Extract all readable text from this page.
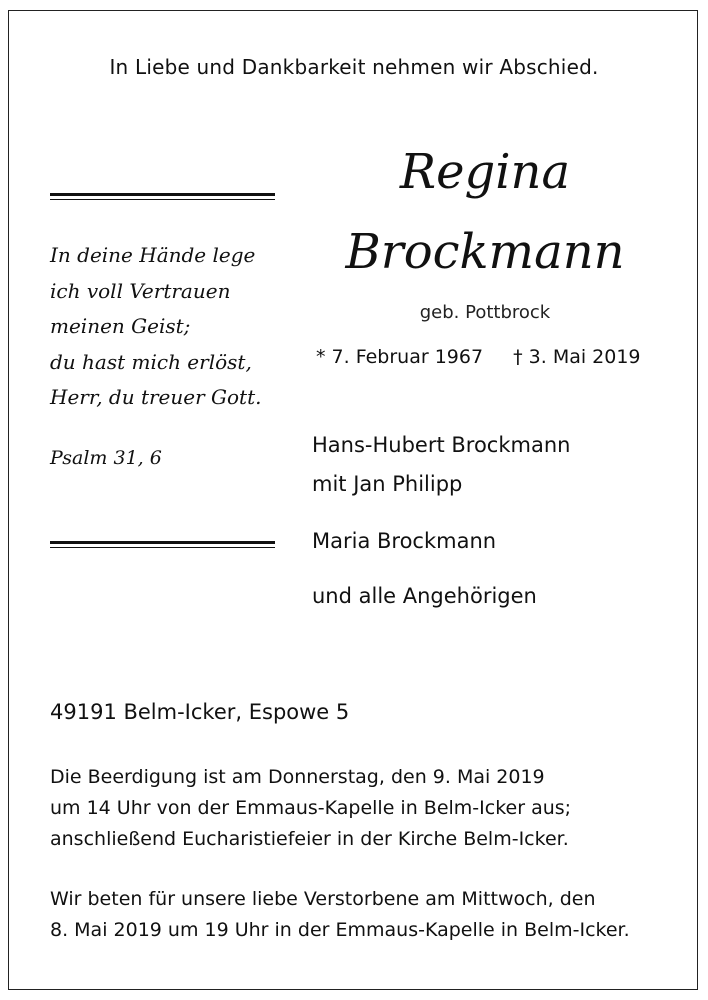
In Liebe und Dankbarkeit nehmen wir Abschied.
In deine Hände lege
ich voll Vertrauen
meinen Geist;
du hast mich erlöst,
Herr, du treuer Gott.
Psalm 31, 6
Regina
Brockmann
geb. Pottbrock
* 7. Februar 1967 † 3. Mai 2019
Hans-Hubert Brockmann
mit Jan Philipp
Maria Brockmann
und alle Angehörigen
49191 Belm-Icker, Espowe 5
Die Beerdigung ist am Donnerstag, den 9. Mai 2019
um 14 Uhr von der Emmaus-Kapelle in Belm-Icker aus;
anschließend Eucharistiefeier in der Kirche Belm-Icker.
Wir beten für unsere liebe Verstorbene am Mittwoch, den
8. Mai 2019 um 19 Uhr in der Emmaus-Kapelle in Belm-Icker.
